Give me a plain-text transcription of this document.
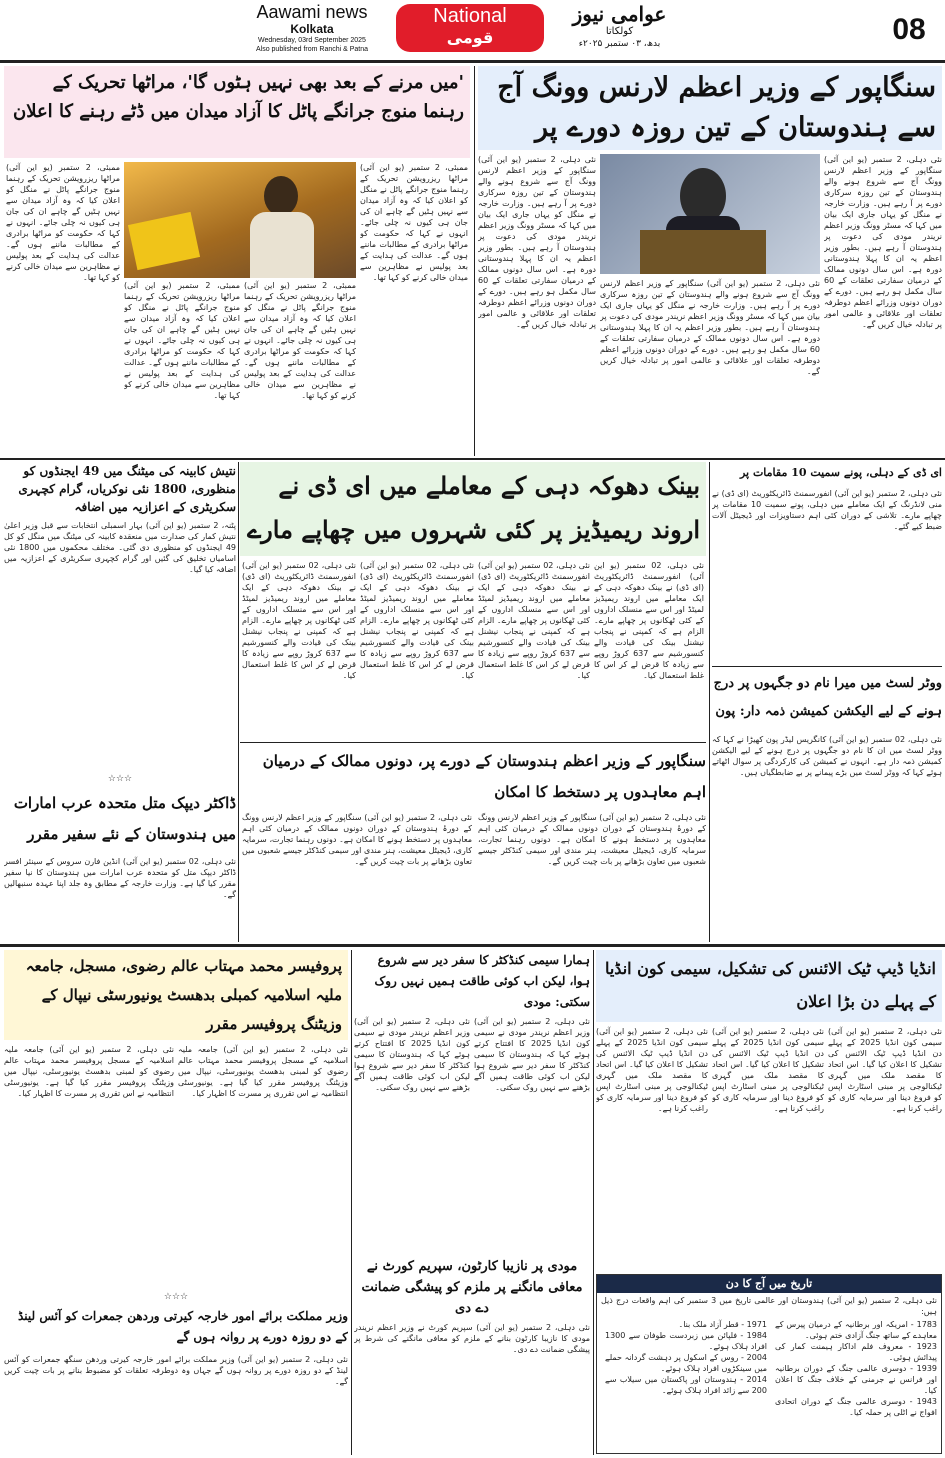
Aawami news
Kolkata
Wednesday, 03rd September 2025
Also published from Ranchi & Patna
National
قومی
عوامی نیوز
کولکاتا
بدھ، ۰۳ ستمبر ۲۰۲۵ء	08
سنگاپور کے وزیر اعظم لارنس وونگ آج سے ہندوستان کے تین روزہ دورے پر
نئی دہلی، 2 ستمبر (یو این آئی) سنگاپور کے وزیر اعظم لارنس وونگ آج سے شروع ہونے والے ہندوستان کے تین روزہ سرکاری دورے پر آ رہے ہیں۔ وزارت خارجہ نے منگل کو یہاں جاری ایک بیان میں کہا کہ مسٹر وونگ وزیر اعظم نریندر مودی کی دعوت پر ہندوستان آ رہے ہیں۔ بطور وزیر اعظم یہ ان کا پہلا ہندوستانی دورہ ہے۔ اس سال دونوں ممالک کے درمیان سفارتی تعلقات کے 60 سال مکمل ہو رہے ہیں۔ دورے کے دوران دونوں وزرائے اعظم دوطرفہ تعلقات اور علاقائی و عالمی امور پر تبادلہ خیال کریں گے۔
نئی دہلی، 2 ستمبر (یو این آئی) سنگاپور کے وزیر اعظم لارنس وونگ آج سے شروع ہونے والے ہندوستان کے تین روزہ سرکاری دورے پر آ رہے ہیں۔ وزارت خارجہ نے منگل کو یہاں جاری ایک بیان میں کہا کہ مسٹر وونگ وزیر اعظم نریندر مودی کی دعوت پر ہندوستان آ رہے ہیں۔ بطور وزیر اعظم یہ ان کا پہلا ہندوستانی دورہ ہے۔ اس سال دونوں ممالک کے درمیان سفارتی تعلقات کے 60 سال مکمل ہو رہے ہیں۔ دورے کے دوران دونوں وزرائے اعظم دوطرفہ تعلقات اور علاقائی و عالمی امور پر تبادلہ خیال کریں گے۔
نئی دہلی، 2 ستمبر (یو این آئی) سنگاپور کے وزیر اعظم لارنس وونگ آج سے شروع ہونے والے ہندوستان کے تین روزہ سرکاری دورے پر آ رہے ہیں۔ وزارت خارجہ نے منگل کو یہاں جاری ایک بیان میں کہا کہ مسٹر وونگ وزیر اعظم نریندر مودی کی دعوت پر ہندوستان آ رہے ہیں۔ بطور وزیر اعظم یہ ان کا پہلا ہندوستانی دورہ ہے۔ اس سال دونوں ممالک کے درمیان سفارتی تعلقات کے 60 سال مکمل ہو رہے ہیں۔ دورے کے دوران دونوں وزرائے اعظم دوطرفہ تعلقات اور علاقائی و عالمی امور پر تبادلہ خیال کریں گے۔
'میں مرنے کے بعد بھی نہیں ہٹوں گا'، مراٹھا تحریک کے رہنما منوج جرانگے پاٹل کا آزاد میدان میں ڈٹے رہنے کا اعلان
ممبئی، 2 ستمبر (یو این آئی) مراٹھا ریزرویشن تحریک کے رہنما منوج جرانگے پاٹل نے منگل کو اعلان کیا کہ وہ آزاد میدان سے نہیں ہٹیں گے چاہے ان کی جان ہی کیوں نہ چلی جائے۔ انہوں نے کہا کہ حکومت کو مراٹھا برادری کے مطالبات ماننے ہوں گے۔ عدالت کی ہدایت کے بعد پولیس نے مظاہرین سے میدان خالی کرنے کو کہا تھا۔
ممبئی، 2 ستمبر (یو این آئی) مراٹھا ریزرویشن تحریک کے رہنما منوج جرانگے پاٹل نے منگل کو اعلان کیا کہ وہ آزاد میدان سے نہیں ہٹیں گے چاہے ان کی جان ہی کیوں نہ چلی جائے۔ انہوں نے کہا کہ حکومت کو مراٹھا برادری کے مطالبات ماننے ہوں گے۔ عدالت کی ہدایت کے بعد پولیس نے مظاہرین سے میدان خالی کرنے کو کہا تھا۔
ممبئی، 2 ستمبر (یو این آئی) مراٹھا ریزرویشن تحریک کے رہنما منوج جرانگے پاٹل نے منگل کو اعلان کیا کہ وہ آزاد میدان سے نہیں ہٹیں گے چاہے ان کی جان ہی کیوں نہ چلی جائے۔ انہوں نے کہا کہ حکومت کو مراٹھا برادری کے مطالبات ماننے ہوں گے۔ عدالت کی ہدایت کے بعد پولیس نے مظاہرین سے میدان خالی کرنے کو کہا تھا۔
ممبئی، 2 ستمبر (یو این آئی) مراٹھا ریزرویشن تحریک کے رہنما منوج جرانگے پاٹل نے منگل کو اعلان کیا کہ وہ آزاد میدان سے نہیں ہٹیں گے چاہے ان کی جان ہی کیوں نہ چلی جائے۔ انہوں نے کہا کہ حکومت کو مراٹھا برادری کے مطالبات ماننے ہوں گے۔ عدالت کی ہدایت کے بعد پولیس نے مظاہرین سے میدان خالی کرنے کو کہا تھا۔
نتیش کابینہ کی میٹنگ میں 49 ایجنڈوں کو منظوری، 1800 نئی نوکریاں، گرام کچہری سکریٹری کے اعزازیہ میں اضافہ
پٹنہ، 2 ستمبر (یو این آئی) بہار اسمبلی انتخابات سے قبل وزیر اعلیٰ نتیش کمار کی صدارت میں منعقدہ کابینہ کی میٹنگ میں منگل کو کل 49 ایجنڈوں کو منظوری دی گئی۔ مختلف محکموں میں 1800 نئی اسامیاں تخلیق کی گئیں اور گرام کچہری سکریٹری کے اعزازیہ میں اضافہ کیا گیا۔
☆☆☆
بینک دھوکہ دہی کے معاملے میں ای ڈی نے اروند ریمیڈیز پر کئی شہروں میں چھاپے مارے
نئی دہلی، 02 ستمبر (یو این آئی) انفورسمنٹ ڈائریکٹوریٹ (ای ڈی) نے بینک دھوکہ دہی کے ایک معاملے میں اروند ریمیڈیز لمیٹڈ اور اس سے منسلک اداروں کے کئی ٹھکانوں پر چھاپے مارے۔ الزام ہے کہ کمپنی نے پنجاب نیشنل بینک کی قیادت والے کنسورشیم سے 637 کروڑ روپے سے زیادہ کا قرض لے کر اس کا غلط استعمال کیا۔
نئی دہلی، 02 ستمبر (یو این آئی) انفورسمنٹ ڈائریکٹوریٹ (ای ڈی) نے بینک دھوکہ دہی کے ایک معاملے میں اروند ریمیڈیز لمیٹڈ اور اس سے منسلک اداروں کے کئی ٹھکانوں پر چھاپے مارے۔ الزام ہے کہ کمپنی نے پنجاب نیشنل بینک کی قیادت والے کنسورشیم سے 637 کروڑ روپے سے زیادہ کا قرض لے کر اس کا غلط استعمال کیا۔
نئی دہلی، 02 ستمبر (یو این آئی) انفورسمنٹ ڈائریکٹوریٹ (ای ڈی) نے بینک دھوکہ دہی کے ایک معاملے میں اروند ریمیڈیز لمیٹڈ اور اس سے منسلک اداروں کے کئی ٹھکانوں پر چھاپے مارے۔ الزام ہے کہ کمپنی نے پنجاب نیشنل بینک کی قیادت والے کنسورشیم سے 637 کروڑ روپے سے زیادہ کا قرض لے کر اس کا غلط استعمال کیا۔
نئی دہلی، 02 ستمبر (یو این آئی) انفورسمنٹ ڈائریکٹوریٹ (ای ڈی) نے بینک دھوکہ دہی کے ایک معاملے میں اروند ریمیڈیز لمیٹڈ اور اس سے منسلک اداروں کے کئی ٹھکانوں پر چھاپے مارے۔ الزام ہے کہ کمپنی نے پنجاب نیشنل بینک کی قیادت والے کنسورشیم سے 637 کروڑ روپے سے زیادہ کا قرض لے کر اس کا غلط استعمال کیا۔
ای ڈی کے دہلی، پونے سمیت 10 مقامات پر
نئی دہلی، 2 ستمبر (یو این آئی) انفورسمنٹ ڈائریکٹوریٹ (ای ڈی) نے منی لانڈرنگ کے ایک معاملے میں دہلی، پونے سمیت 10 مقامات پر چھاپے مارے۔ تلاشی کے دوران کئی اہم دستاویزات اور ڈیجیٹل آلات ضبط کیے گئے۔
ووٹر لسٹ میں میرا نام دو جگہوں پر درج ہونے کے لیے الیکشن کمیشن ذمہ دار: پون
نئی دہلی، 02 ستمبر (یو این آئی) کانگریس لیڈر پون کھیڑا نے کہا کہ ووٹر لسٹ میں ان کا نام دو جگہوں پر درج ہونے کے لیے الیکشن کمیشن ذمہ دار ہے۔ انہوں نے کمیشن کی کارکردگی پر سوال اٹھاتے ہوئے کہا کہ ووٹر لسٹ میں بڑے پیمانے پر بے ضابطگیاں ہیں۔
سنگاپور کے وزیر اعظم ہندوستان کے دورے پر، دونوں ممالک کے درمیان اہم معاہدوں پر دستخط کا امکان
نئی دہلی، 2 ستمبر (یو این آئی) سنگاپور کے وزیر اعظم لارنس وونگ کے دورۂ ہندوستان کے دوران دونوں ممالک کے درمیان کئی اہم معاہدوں پر دستخط ہونے کا امکان ہے۔ دونوں رہنما تجارت، سرمایہ کاری، ڈیجیٹل معیشت، ہنر مندی اور سیمی کنڈکٹر جیسے شعبوں میں تعاون بڑھانے پر بات چیت کریں گے۔
نئی دہلی، 2 ستمبر (یو این آئی) سنگاپور کے وزیر اعظم لارنس وونگ کے دورۂ ہندوستان کے دوران دونوں ممالک کے درمیان کئی اہم معاہدوں پر دستخط ہونے کا امکان ہے۔ دونوں رہنما تجارت، سرمایہ کاری، ڈیجیٹل معیشت، ہنر مندی اور سیمی کنڈکٹر جیسے شعبوں میں تعاون بڑھانے پر بات چیت کریں گے۔
ڈاکٹر دیپک متل متحدہ عرب امارات میں ہندوستان کے نئے سفیر مقرر
نئی دہلی، 02 ستمبر (یو این آئی) انڈین فارن سروس کے سینئر افسر ڈاکٹر دیپک متل کو متحدہ عرب امارات میں ہندوستان کا نیا سفیر مقرر کیا گیا ہے۔ وزارت خارجہ کے مطابق وہ جلد اپنا عہدہ سنبھالیں گے۔
پروفیسر محمد مہتاب عالم رضوی، مسجل، جامعہ ملیہ اسلامیہ کمبلی بدھسٹ یونیورسٹی نیپال کے وزیٹنگ پروفیسر مقرر
نئی دہلی، 2 ستمبر (یو این آئی) جامعہ ملیہ اسلامیہ کے مسجل پروفیسر محمد مہتاب عالم رضوی کو لمبنی بدھسٹ یونیورسٹی، نیپال میں وزیٹنگ پروفیسر مقرر کیا گیا ہے۔ یونیورسٹی انتظامیہ نے اس تقرری پر مسرت کا اظہار کیا۔
نئی دہلی، 2 ستمبر (یو این آئی) جامعہ ملیہ اسلامیہ کے مسجل پروفیسر محمد مہتاب عالم رضوی کو لمبنی بدھسٹ یونیورسٹی، نیپال میں وزیٹنگ پروفیسر مقرر کیا گیا ہے۔ یونیورسٹی انتظامیہ نے اس تقرری پر مسرت کا اظہار کیا۔
☆☆☆
وزیر مملکت برائے امور خارجہ کیرتی وردھن جمعرات کو آئس لینڈ کے دو روزہ دورے پر روانہ ہوں گے
نئی دہلی، 2 ستمبر (یو این آئی) وزیر مملکت برائے امور خارجہ کیرتی وردھن سنگھ جمعرات کو آئس لینڈ کے دو روزہ دورے پر روانہ ہوں گے جہاں وہ دوطرفہ تعلقات کو مضبوط بنانے پر بات چیت کریں گے۔
ہمارا سیمی کنڈکٹر کا سفر دیر سے شروع ہوا، لیکن اب کوئی طاقت ہمیں نہیں روک سکتی: مودی
نئی دہلی، 2 ستمبر (یو این آئی) وزیر اعظم نریندر مودی نے سیمی کون انڈیا 2025 کا افتتاح کرتے ہوئے کہا کہ ہندوستان کا سیمی کنڈکٹر کا سفر دیر سے شروع ہوا لیکن اب کوئی طاقت ہمیں آگے بڑھنے سے نہیں روک سکتی۔
نئی دہلی، 2 ستمبر (یو این آئی) وزیر اعظم نریندر مودی نے سیمی کون انڈیا 2025 کا افتتاح کرتے ہوئے کہا کہ ہندوستان کا سیمی کنڈکٹر کا سفر دیر سے شروع ہوا لیکن اب کوئی طاقت ہمیں آگے بڑھنے سے نہیں روک سکتی۔
مودی پر نازیبا کارٹون، سپریم کورٹ نے معافی مانگنے پر ملزم کو پیشگی ضمانت دے دی
نئی دہلی، 2 ستمبر (یو این آئی) سپریم کورٹ نے وزیر اعظم نریندر مودی کا نازیبا کارٹون بنانے کے ملزم کو معافی مانگنے کی شرط پر پیشگی ضمانت دے دی۔
انڈیا ڈیپ ٹیک الائنس کی تشکیل، سیمی کون انڈیا کے پہلے دن بڑا اعلان
نئی دہلی، 2 ستمبر (یو این آئی) سیمی کون انڈیا 2025 کے پہلے دن انڈیا ڈیپ ٹیک الائنس کی تشکیل کا اعلان کیا گیا۔ اس اتحاد کا مقصد ملک میں گہری ٹیکنالوجی پر مبنی اسٹارٹ اپس کو فروغ دینا اور سرمایہ کاری کو راغب کرنا ہے۔
نئی دہلی، 2 ستمبر (یو این آئی) سیمی کون انڈیا 2025 کے پہلے دن انڈیا ڈیپ ٹیک الائنس کی تشکیل کا اعلان کیا گیا۔ اس اتحاد کا مقصد ملک میں گہری ٹیکنالوجی پر مبنی اسٹارٹ اپس کو فروغ دینا اور سرمایہ کاری کو راغب کرنا ہے۔
نئی دہلی، 2 ستمبر (یو این آئی) سیمی کون انڈیا 2025 کے پہلے دن انڈیا ڈیپ ٹیک الائنس کی تشکیل کا اعلان کیا گیا۔ اس اتحاد کا مقصد ملک میں گہری ٹیکنالوجی پر مبنی اسٹارٹ اپس کو فروغ دینا اور سرمایہ کاری کو راغب کرنا ہے۔
تاریخ میں آج کا دن
نئی دہلی، 2 ستمبر (یو این آئی) ہندوستان اور عالمی تاریخ میں 3 ستمبر کی اہم واقعات درج ذیل ہیں:
1783 - امریکہ اور برطانیہ کے درمیان پیرس کے معاہدے کے ساتھ جنگ آزادی ختم ہوئی۔
1923 - معروف فلم اداکار ہیمنت کمار کی پیدائش ہوئی۔
1939 - دوسری عالمی جنگ کے دوران برطانیہ اور فرانس نے جرمنی کے خلاف جنگ کا اعلان کیا۔
1943 - دوسری عالمی جنگ کے دوران اتحادی افواج نے اٹلی پر حملہ کیا۔
1971 - قطر آزاد ملک بنا۔
1984 - فلپائن میں زبردست طوفان سے 1300 افراد ہلاک ہوئے۔
2004 - روس کے اسکول پر دہشت گردانہ حملے میں سینکڑوں افراد ہلاک ہوئے۔
2014 - ہندوستان اور پاکستان میں سیلاب سے 200 سے زائد افراد ہلاک ہوئے۔
